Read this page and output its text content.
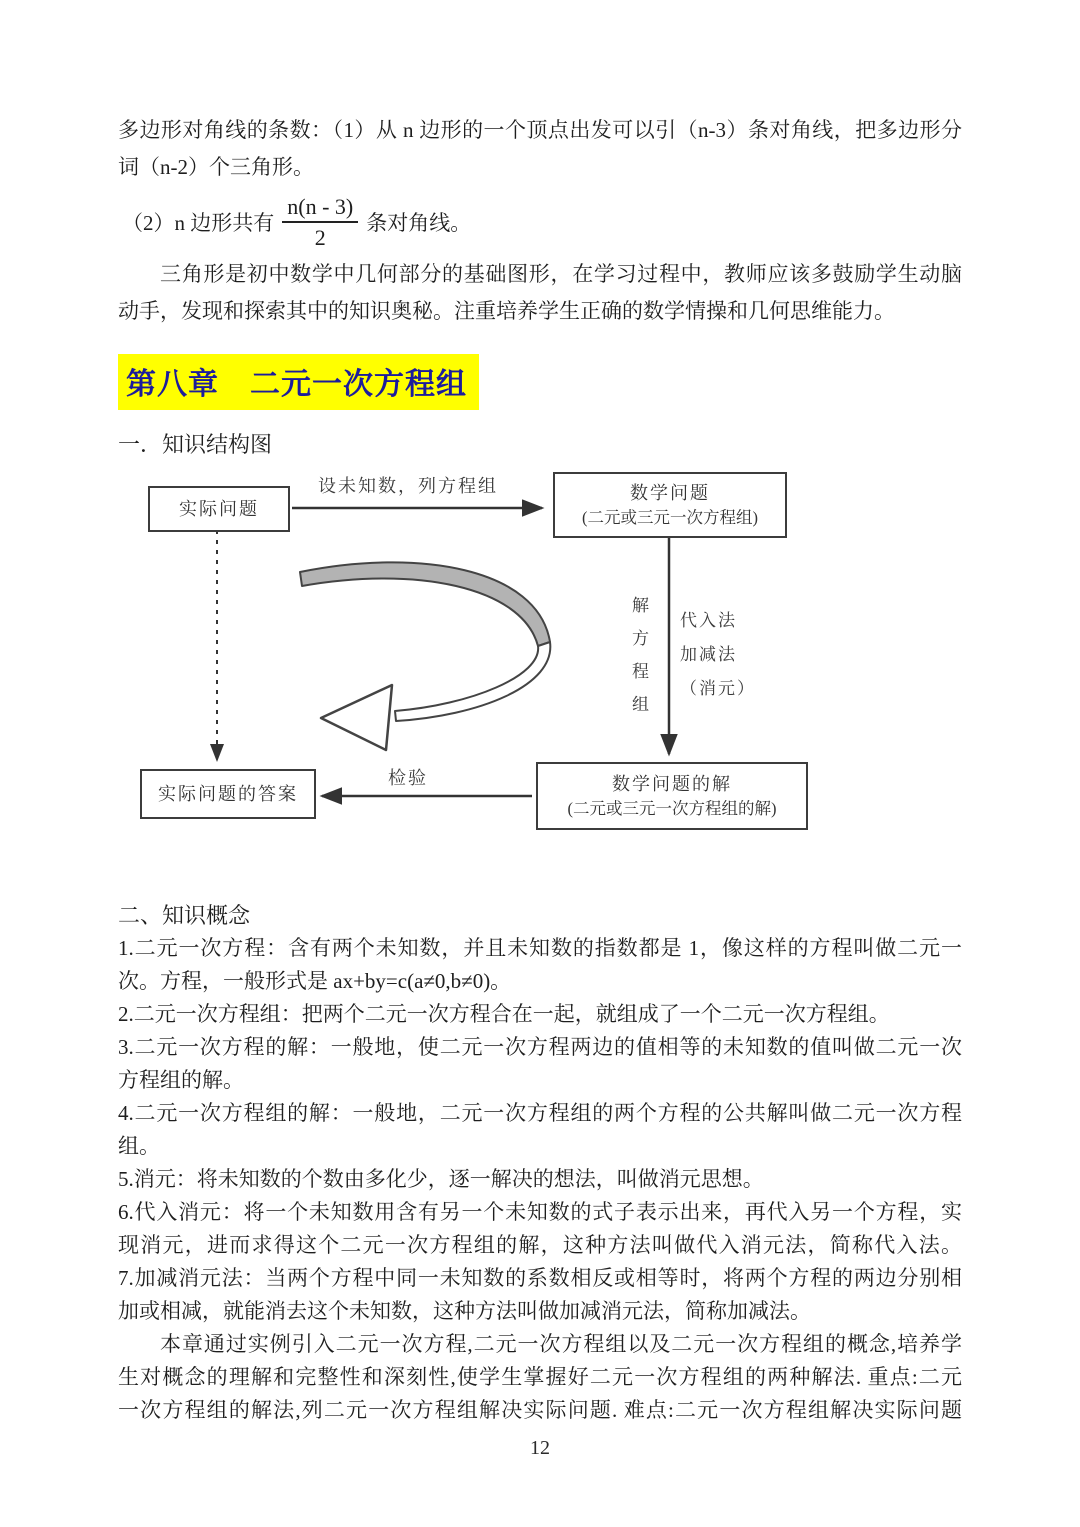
多边形对角线的条数：（1）从 n 边形的一个顶点出发可以引（n-3）条对角线，把多边形分
词（n-2）个三角形。
（2）n 边形共有 $\frac{n(n - 3)}{2}$ 条对角线。
三角形是初中数学中几何部分的基础图形，在学习过程中，教师应该多鼓励学生动脑
动手，发现和探索其中的知识奥秘。注重培养学生正确的数学情操和几何思维能力。
第八章　二元一次方程组
一．知识结构图
实际问题
数学问题
(二元或三元一次方程组)
实际问题的答案	数学问题的解
(二元或三元一次方程组的解)
设未知数，列方程组
解方程组 代入法
加减法
（消元）
检验
二、知识概念
1.二元一次方程：含有两个未知数，并且未知数的指数都是 1，像这样的方程叫做二元一
次。方程，一般形式是 ax+by=c(a≠0,b≠0)。
2.二元一次方程组：把两个二元一次方程合在一起，就组成了一个二元一次方程组。
3.二元一次方程的解：一般地，使二元一次方程两边的值相等的未知数的值叫做二元一次
方程组的解。
4.二元一次方程组的解：一般地，二元一次方程组的两个方程的公共解叫做二元一次方程
组。
5.消元：将未知数的个数由多化少，逐一解决的想法，叫做消元思想。
6.代入消元：将一个未知数用含有另一个未知数的式子表示出来，再代入另一个方程，实
现消元，进而求得这个二元一次方程组的解，这种方法叫做代入消元法，简称代入法。
7.加减消元法：当两个方程中同一未知数的系数相反或相等时，将两个方程的两边分别相
加或相减，就能消去这个未知数，这种方法叫做加减消元法，简称加减法。
本章通过实例引入二元一次方程,二元一次方程组以及二元一次方程组的概念,培养学
生对概念的理解和完整性和深刻性,使学生掌握好二元一次方程组的两种解法. 重点:二元
一次方程组的解法,列二元一次方程组解决实际问题. 难点:二元一次方程组解决实际问题
12
